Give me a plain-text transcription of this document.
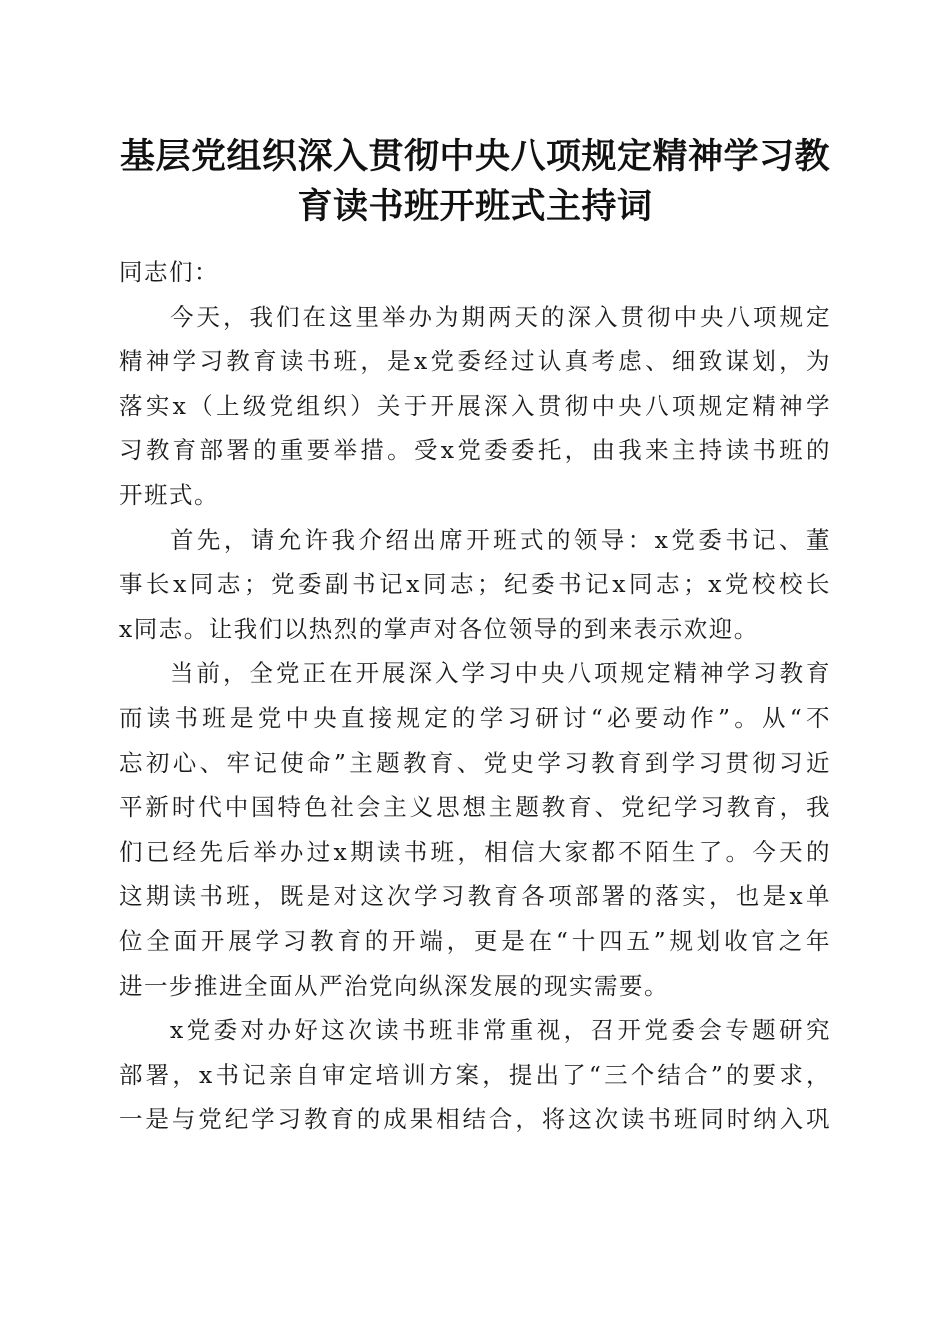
基层党组织深入贯彻中央八项规定精神学习教
育读书班开班式主持词
同志们：
今天，我们在这里举办为期两天的深入贯彻中央八项规定
精神学习教育读书班，是x党委经过认真考虑、细致谋划，为
落实x（上级党组织）关于开展深入贯彻中央八项规定精神学
习教育部署的重要举措。受x党委委托，由我来主持读书班的
开班式。
首先，请允许我介绍出席开班式的领导：x党委书记、董
事长x同志；党委副书记x同志；纪委书记x同志；x党校校长
x同志。让我们以热烈的掌声对各位领导的到来表示欢迎。
当前，全党正在开展深入学习中央八项规定精神学习教育
而读书班是党中央直接规定的学习研讨“必要动作”。从“不
忘初心、牢记使命”主题教育、党史学习教育到学习贯彻习近
平新时代中国特色社会主义思想主题教育、党纪学习教育，我
们已经先后举办过x期读书班，相信大家都不陌生了。今天的
这期读书班，既是对这次学习教育各项部署的落实，也是x单
位全面开展学习教育的开端，更是在“十四五”规划收官之年
进一步推进全面从严治党向纵深发展的现实需要。
x党委对办好这次读书班非常重视，召开党委会专题研究
部署，x书记亲自审定培训方案，提出了“三个结合”的要求，
一是与党纪学习教育的成果相结合，将这次读书班同时纳入巩
